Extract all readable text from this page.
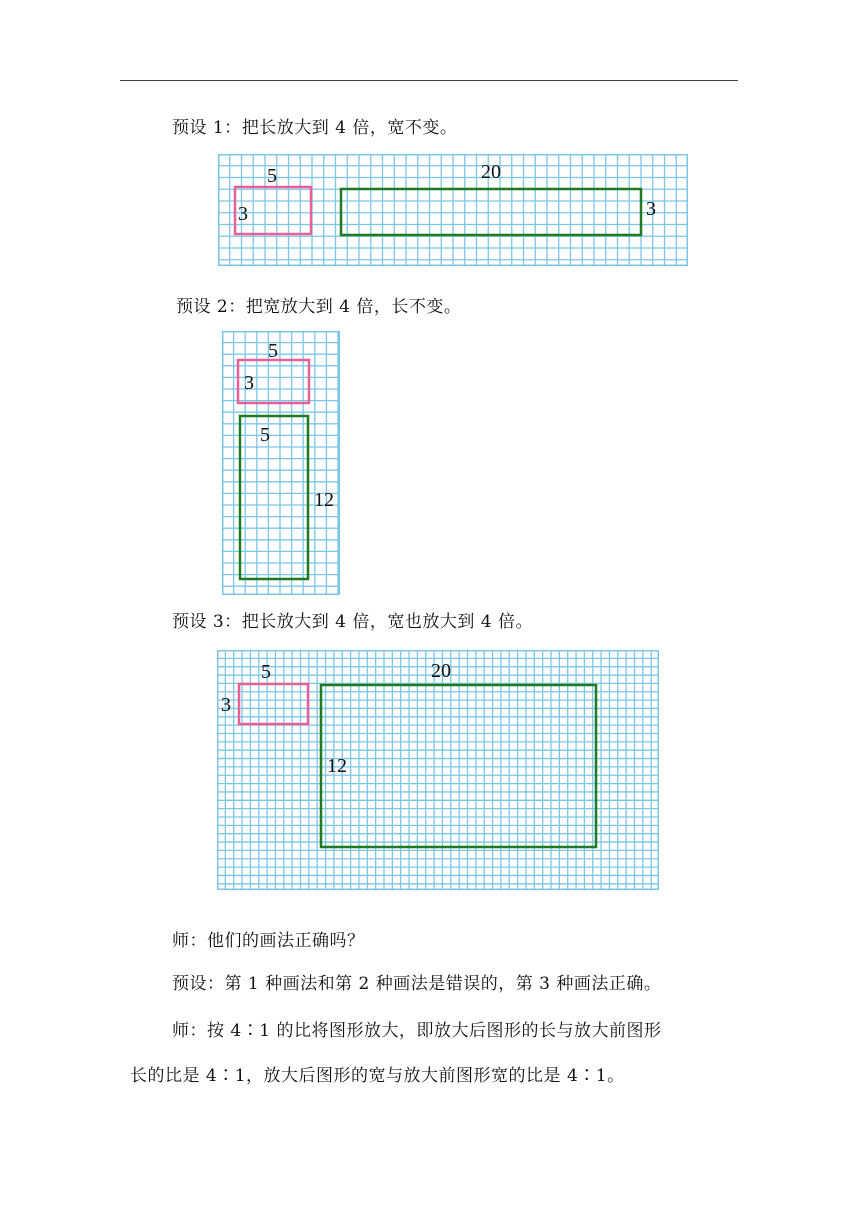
预设 1：把长放大到 4 倍，宽不变。
5
3
20
3
预设 2：把宽放大到 4 倍，长不变。
5
3
5
12
预设 3：把长放大到 4 倍，宽也放大到 4 倍。
5
3
20
12
师：他们的画法正确吗？
预设：第 1 种画法和第 2 种画法是错误的，第 3 种画法正确。
师：按 4∶1 的比将图形放大，即放大后图形的长与放大前图形
长的比是 4∶1，放大后图形的宽与放大前图形宽的比是 4∶1。
